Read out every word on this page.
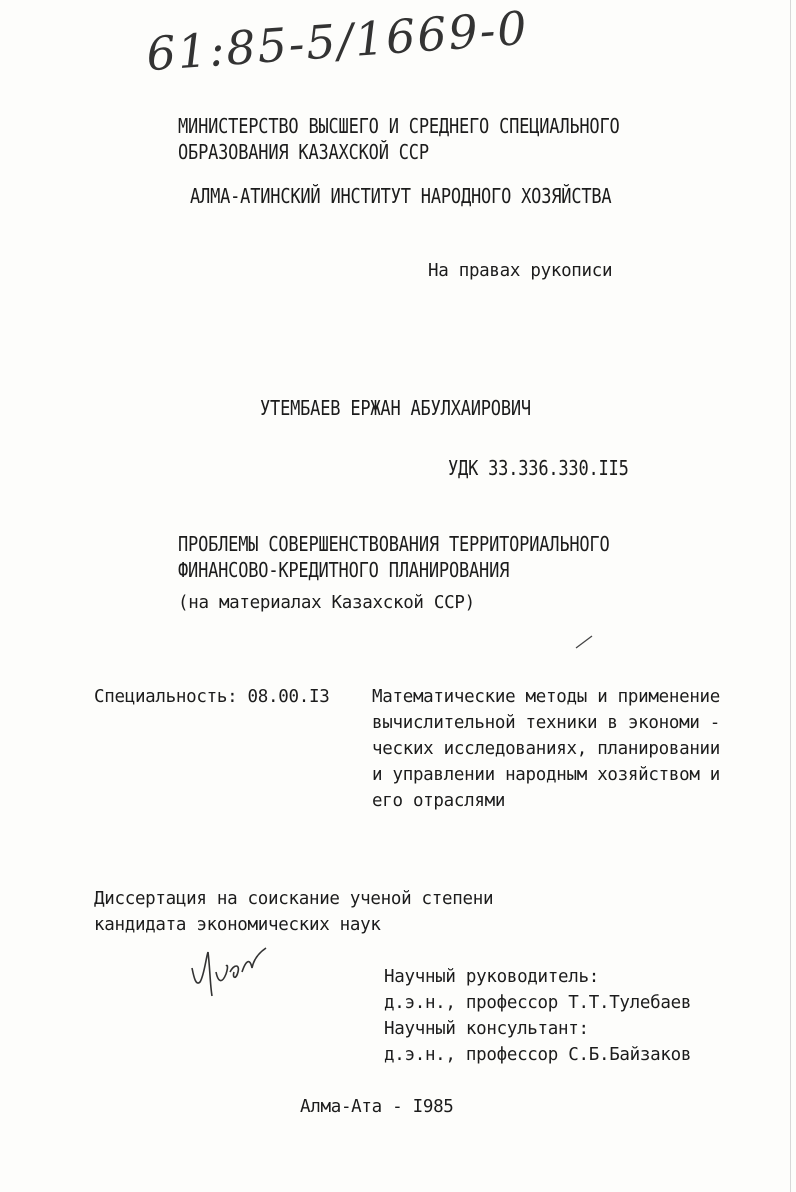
61:85-5/1669-0
МИНИСТЕРСТВО ВЫСШЕГО И СРЕДНЕГО СПЕЦИАЛЬНОГО
ОБРАЗОВАНИЯ КАЗАХСКОЙ ССР
АЛМА-АТИНСКИЙ ИНСТИТУТ НАРОДНОГО ХОЗЯЙСТВА
На правах рукописи
УТЕМБАЕВ ЕРЖАН АБУЛХАИРОВИЧ
УДК 33.336.330.II5
ПРОБЛЕМЫ СОВЕРШЕНСТВОВАНИЯ ТЕРРИТОРИАЛЬНОГО
ФИНАНСОВО-КРЕДИТНОГО ПЛАНИРОВАНИЯ
(на материалах Казахской ССР)
Специальность: 08.00.I3 Математические методы и применение
вычислительной техники в экономи -
ческих исследованиях, планировании
и управлении народным хозяйством и
его отраслями
Диссертация на соискание ученой степени
кандидата экономических наук
Научный руководитель:
д.э.н., профессор Т.Т.Тулебаев
Научный консультант:
д.э.н., профессор С.Б.Байзаков
Алма-Ата - I985
